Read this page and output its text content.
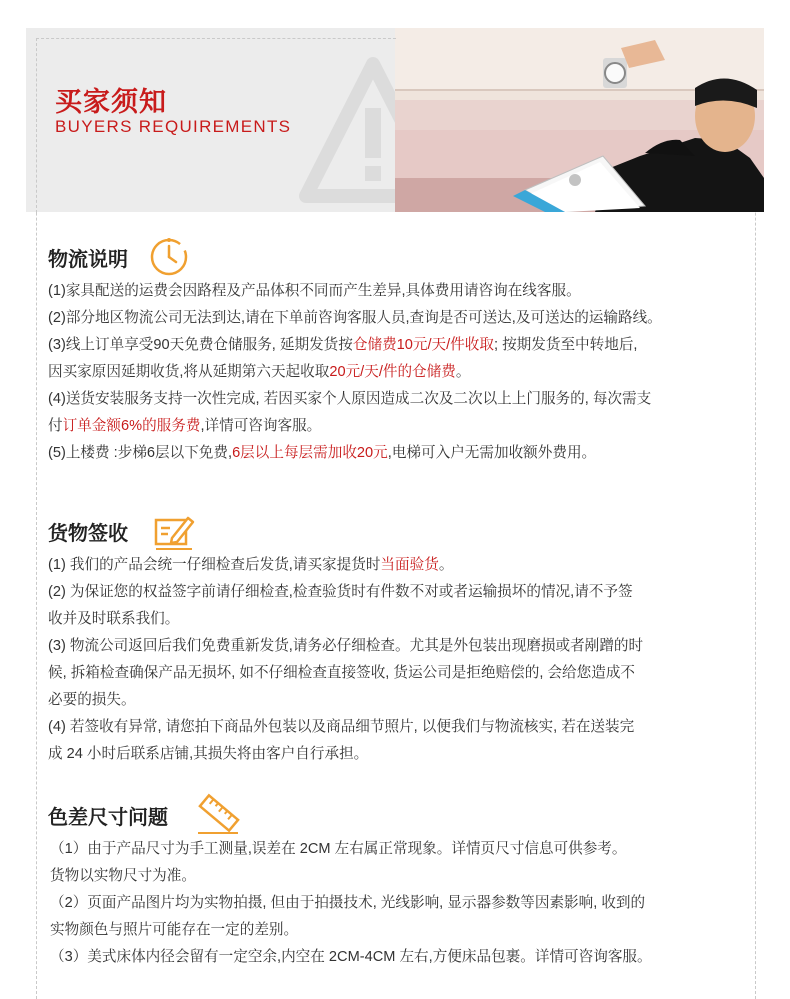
买家须知

BUYERS REQUIREMENTS

物流说明
(1)家具配送的运费会因路程及产品体积不同而产生差异,具体费用请咨询在线客服。
(2)部分地区物流公司无法到达,请在下单前咨询客服人员,查询是否可送达,及可送达的运输路线。
(3)线上订单享受90天免费仓储服务, 延期发货按仓储费10元/天/件收取; 按期发货至中转地后,
因买家原因延期收货,将从延期第六天起收取20元/天/件的仓储费。
(4)送货安装服务支持一次性完成, 若因买家个人原因造成二次及二次以上上门服务的, 每次需支
付订单金额6%的服务费,详情可咨询客服。
(5)上楼费 :步梯6层以下免费,6层以上每层需加收20元,电梯可入户无需加收额外费用。
货物签收
(1) 我们的产品会统一仔细检查后发货,请买家提货时当面验货。
(2) 为保证您的权益签字前请仔细检查,检查验货时有件数不对或者运输损坏的情况,请不予签
收并及时联系我们。
(3) 物流公司返回后我们免费重新发货,请务必仔细检查。尤其是外包装出现磨损或者剐蹭的时
候, 拆箱检查确保产品无损坏, 如不仔细检查直接签收, 货运公司是拒绝赔偿的, 会给您造成不
必要的损失。
(4) 若签收有异常, 请您拍下商品外包装以及商品细节照片, 以便我们与物流核实, 若在送装完
成 24 小时后联系店铺,其损失将由客户自行承担。
色差尺寸问题
（1）由于产品尺寸为手工测量,误差在 2CM 左右属正常现象。详情页尺寸信息可供参考。
货物以实物尺寸为准。
（2）页面产品图片均为实物拍摄, 但由于拍摄技术, 光线影响, 显示器参数等因素影响, 收到的
实物颜色与照片可能存在一定的差别。
（3）美式床体内径会留有一定空余,内空在 2CM-4CM 左右,方便床品包裹。详情可咨询客服。
